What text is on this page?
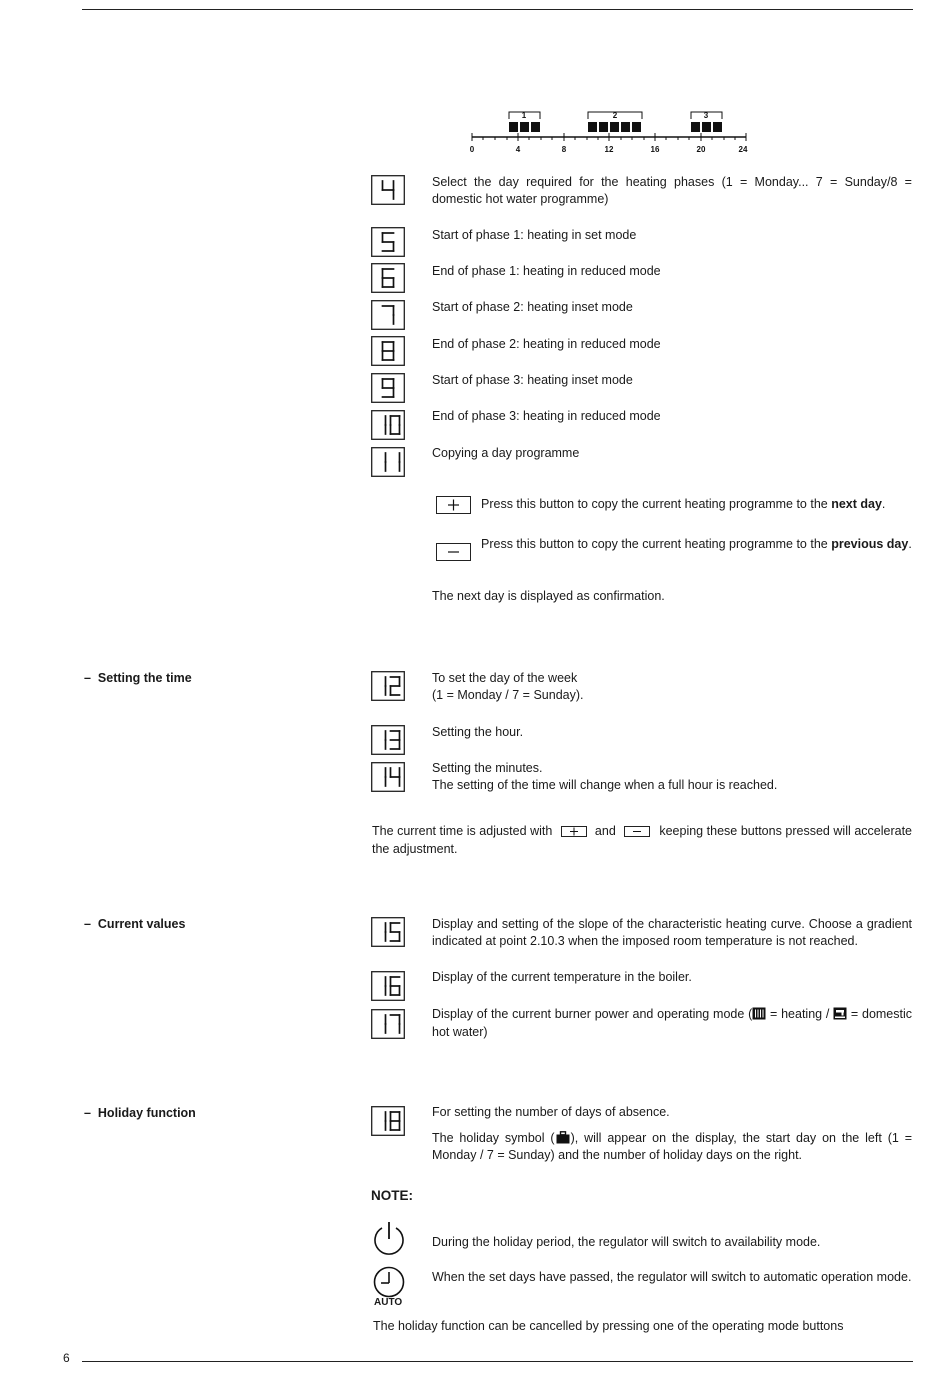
1	2	3
0	4	8	12	16	20	24
Select the day required for the heating phases (1 = Monday... 7 = Sunday/8 = domestic hot water programme)
Start of phase 1: heating in set mode
End of phase 1: heating in reduced mode
Start of phase 2: heating inset mode
End of phase 2: heating in reduced mode
Start of phase 3: heating inset mode
End of phase 3: heating in reduced mode
Copying a day programme
Press this button to copy the current heating programme to the next day.
Press this button to copy the current heating programme to the previous day.
The next day is displayed as confirmation.
– Setting the time	To set the day of the week
(1 = Monday / 7 = Sunday).
Setting the hour.
Setting the minutes.
The setting of the time will change when a full hour is reached.
The current time is adjusted with	and	keeping these buttons pressed will accelerate the adjustment.
– Current values	Display and setting of the slope of the characteristic heating curve. Choose a gradient indicated at point 2.10.3 when the imposed room temperature is not reached.
Display of the current temperature in the boiler.
Display of the current burner power and operating mode ( = heating /  = domestic hot water)
– Holiday function	For setting the number of days of absence.
The holiday symbol ( ), will appear on the display, the start day on the left (1 = Monday / 7 = Sunday) and the number of holiday days on the right.
NOTE:
During the holiday period, the regulator will switch to availability mode.
AUTO
When the set days have passed, the regulator will switch to automatic operation mode.
The holiday function can be cancelled by pressing one of the operating mode buttons
6
